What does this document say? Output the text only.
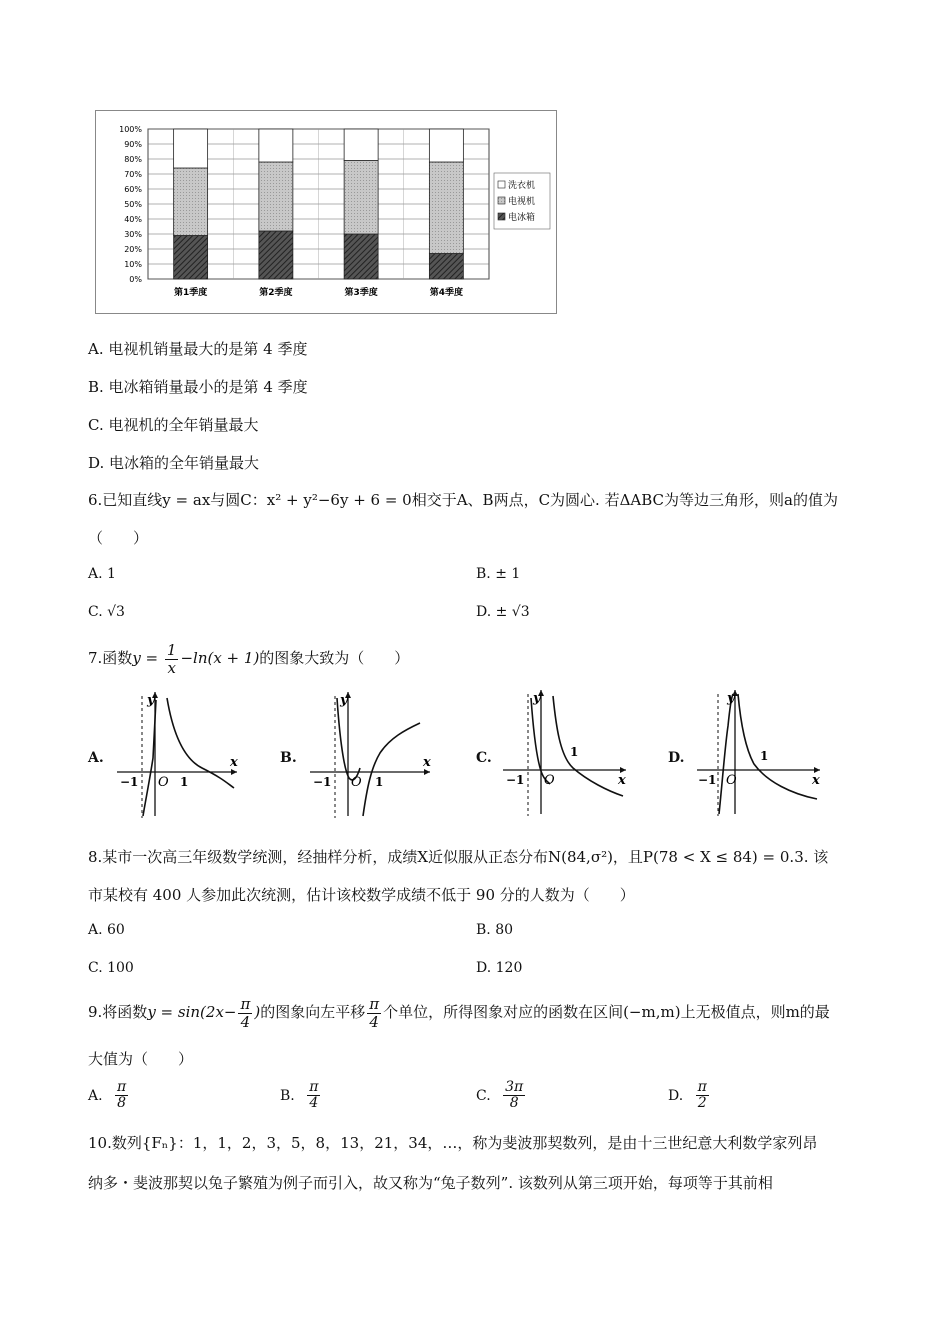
100%
90%
80%
70%
60%
50%
40%
30%
20%
10%
0%
第1季度	第2季度	第3季度	第4季度
洗衣机
电视机
电冰箱
A. 电视机销量最大的是第 4 季度
B. 电冰箱销量最小的是第 4 季度
C. 电视机的全年销量最大
D. 电冰箱的全年销量最大
6.已知直线y = ax与圆C：x² + y²−6y + 6 = 0相交于A、B两点，C为圆心. 若ΔABC为等边三角形，则a的值为
（　　）
A. 1	B. ± 1
C. √3	D. ± √3
7.函数$y = \frac{1}{x} -\ln(x + 1)$的图象大致为（　　）
A.	B.	C.	D.
y
x
O
−1	1
y
x
O
−1	1
y
x
O
−1
1
y
x
O
−1
1
8.某市一次高三年级数学统测，经抽样分析，成绩X近似服从正态分布N(84,σ²)，且P(78 < X ≤ 84) = 0.3. 该
市某校有 400 人参加此次统测，估计该校数学成绩不低于 90 分的人数为（　　）
A. 60	B. 80
C. 100	D. 120
9.将函数$y = \sin(2x- \frac{\pi}{4}$ )的图象向左平移 $\frac{\pi}{4}$ 个单位，所得图象对应的函数在区间(−m,m)上无极值点，则m的最
大值为（　　）
A. $\frac{\pi}{8}$	B. $\frac{\pi}{4}$	C. $\frac{3\pi}{8}$	D. $\frac{\pi}{2}$
10.数列{Fₙ}：1，1，2，3，5，8，13，21，34，…，称为斐波那契数列，是由十三世纪意大利数学家列昂
纳多・斐波那契以兔子繁殖为例子而引入，故又称为“兔子数列”. 该数列从第三项开始，每项等于其前相
